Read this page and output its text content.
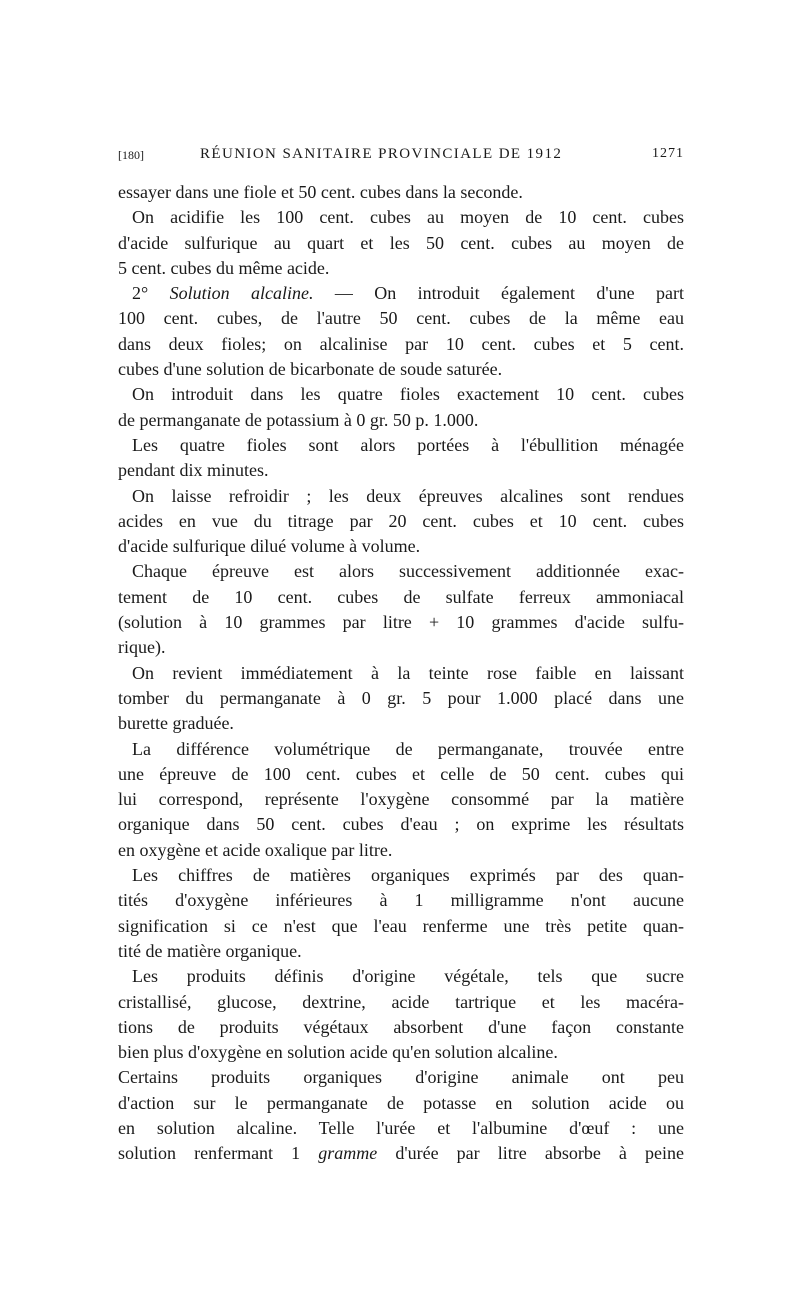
[180]	RÉUNION SANITAIRE PROVINCIALE DE 1912	1271
essayer dans une fiole et 50 cent. cubes dans la seconde.
On acidifie les 100 cent. cubes au moyen de 10 cent. cubes
d'acide sulfurique au quart et les 50 cent. cubes au moyen de
5 cent. cubes du même acide.
2° Solution alcaline. — On introduit également d'une part
100 cent. cubes, de l'autre 50 cent. cubes de la même eau
dans deux fioles; on alcalinise par 10 cent. cubes et 5 cent.
cubes d'une solution de bicarbonate de soude saturée.
On introduit dans les quatre fioles exactement 10 cent. cubes
de permanganate de potassium à 0 gr. 50 p. 1.000.
Les quatre fioles sont alors portées à l'ébullition ménagée
pendant dix minutes.
On laisse refroidir ; les deux épreuves alcalines sont rendues
acides en vue du titrage par 20 cent. cubes et 10 cent. cubes
d'acide sulfurique dilué volume à volume.
Chaque épreuve est alors successivement additionnée exac-
tement de 10 cent. cubes de sulfate ferreux ammoniacal
(solution à 10 grammes par litre + 10 grammes d'acide sulfu-
rique).
On revient immédiatement à la teinte rose faible en laissant
tomber du permanganate à 0 gr. 5 pour 1.000 placé dans une
burette graduée.
La différence volumétrique de permanganate, trouvée entre
une épreuve de 100 cent. cubes et celle de 50 cent. cubes qui
lui correspond, représente l'oxygène consommé par la matière
organique dans 50 cent. cubes d'eau ; on exprime les résultats
en oxygène et acide oxalique par litre.
Les chiffres de matières organiques exprimés par des quan-
tités d'oxygène inférieures à 1 milligramme n'ont aucune
signification si ce n'est que l'eau renferme une très petite quan-
tité de matière organique.
Les produits définis d'origine végétale, tels que sucre
cristallisé, glucose, dextrine, acide tartrique et les macéra-
tions de produits végétaux absorbent d'une façon constante
bien plus d'oxygène en solution acide qu'en solution alcaline.
Certains produits organiques d'origine animale ont peu
d'action sur le permanganate de potasse en solution acide ou
en solution alcaline. Telle l'urée et l'albumine d'œuf : une
solution renfermant 1 gramme d'urée par litre absorbe à peine
